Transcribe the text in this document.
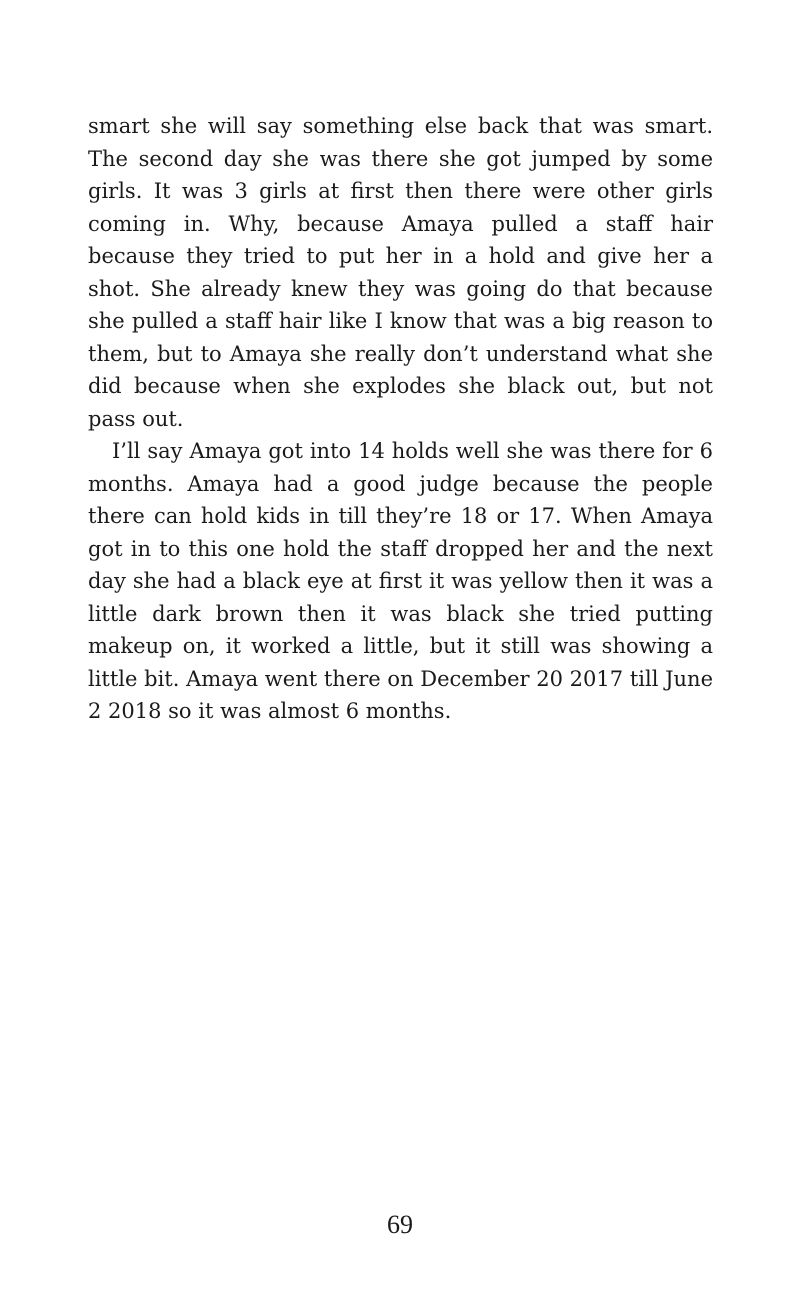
smart she will say something else back that was smart. The second day she was there she got jumped by some girls. It was 3 girls at first then there were other girls coming in. Why, because Amaya pulled a staff hair because they tried to put her in a hold and give her a shot. She already knew they was going do that because she pulled a staff hair like I know that was a big reason to them, but to Amaya she really don’t understand what she did because when she explodes she black out, but not pass out.

I’ll say Amaya got into 14 holds well she was there for 6 months. Amaya had a good judge because the people there can hold kids in till they’re 18 or 17. When Amaya got in to this one hold the staff dropped her and the next day she had a black eye at first it was yellow then it was a little dark brown then it was black she tried putting makeup on, it worked a little, but it still was showing a little bit. Amaya went there on December 20 2017 till June 2 2018 so it was almost 6 months.

69
